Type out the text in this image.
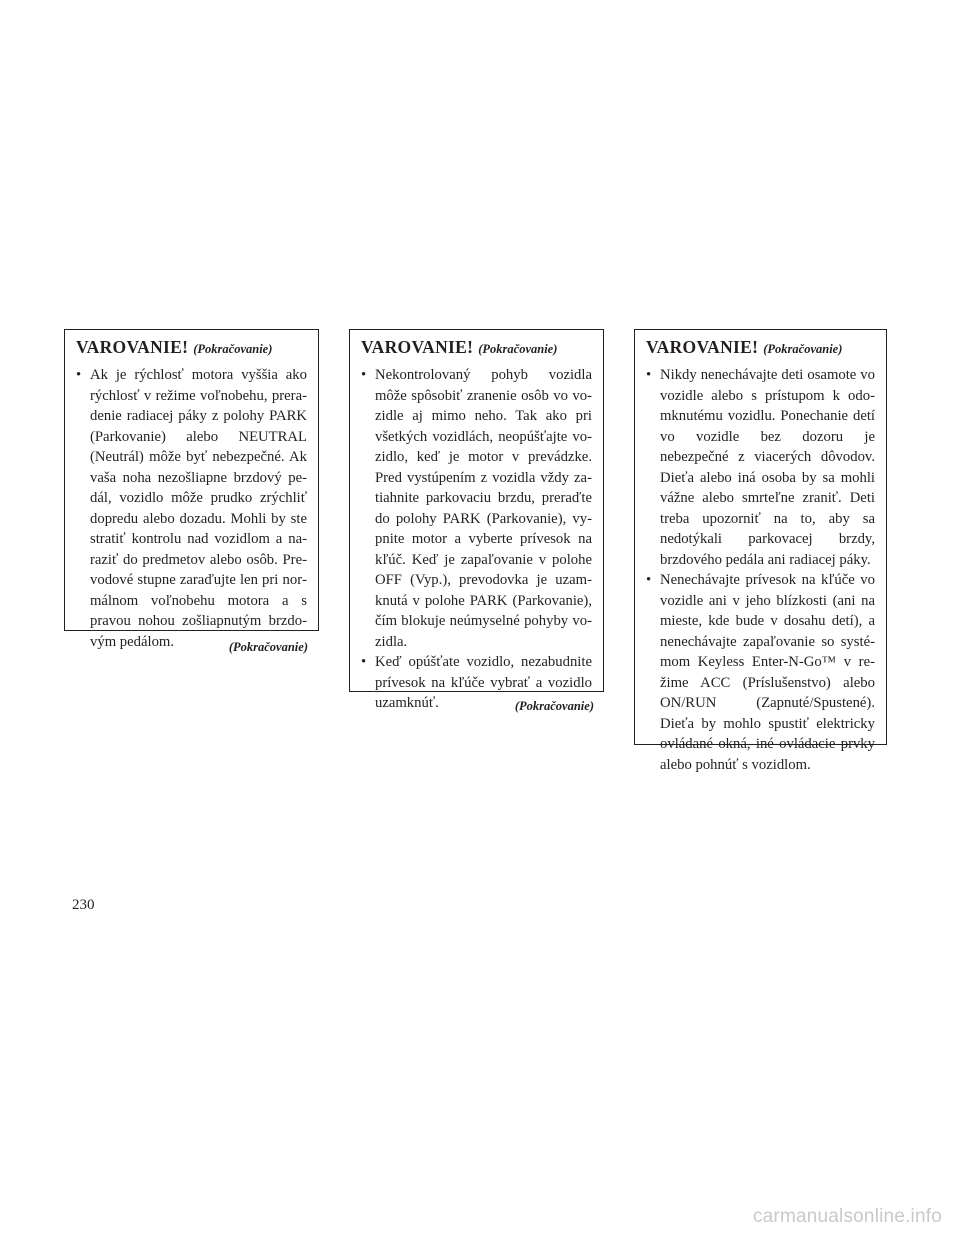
VAROVANIE! (Pokračovanie)
• Ak je rýchlosť motora vyššia ako rýchlosť v režime voľnobehu, preradenie radiacej páky z polohy PARK (Parkovanie) alebo NEUTRAL (Neutrál) môže byť nebezpečné. Ak vaša noha nezošliapne brzdový pedál, vozidlo môže prudko zrýchliť dopredu alebo dozadu. Mohli by ste stratiť kontrolu nad vozidlom a naraziť do predmetov alebo osôb. Prevodové stupne zaraďujte len pri normálnom voľnobehu motora a s pravou nohou zošliapnutým brzdovým pedálom.	(Pokračovanie)
VAROVANIE! (Pokračovanie)
• Nekontrolovaný pohyb vozidla môže spôsobiť zranenie osôb vo vozidle aj mimo neho. Tak ako pri všetkých vozidlách, neopúšťajte vozidlo, keď je motor v prevádzke. Pred vystúpením z vozidla vždy zatiahnite parkovaciu brzdu, preraďte do polohy PARK (Parkovanie), vypnite motor a vyberte prívesok na kľúč. Keď je zapaľovanie v polohe OFF (Vyp.), prevodovka je uzamknutá v polohe PARK (Parkovanie), čím blokuje neúmyselné pohyby vozidla.
• Keď opúšťate vozidlo, nezabudnite prívesok na kľúče vybrať a vozidlo uzamknúť.	(Pokračovanie)
VAROVANIE! (Pokračovanie)
• Nikdy nenechávajte deti osamote vo vozidle alebo s prístupom k odomknutému vozidlu. Ponechanie detí vo vozidle bez dozoru je nebezpečné z viacerých dôvodov. Dieťa alebo iná osoba by sa mohli vážne alebo smrteľne zraniť. Deti treba upozorniť na to, aby sa nedotýkali parkovacej brzdy, brzdového pedála ani radiacej páky.
• Nenechávajte prívesok na kľúče vo vozidle ani v jeho blízkosti (ani na mieste, kde bude v dosahu detí), a nenechávajte zapaľovanie so systémom Keyless Enter-N-Go™ v režime ACC (Príslušenstvo) alebo ON/RUN (Zapnuté/Spustené). Dieťa by mohlo spustiť elektricky ovládané okná, iné ovládacie prvky alebo pohnúť s vozidlom.
230
carmanualsonline.info
